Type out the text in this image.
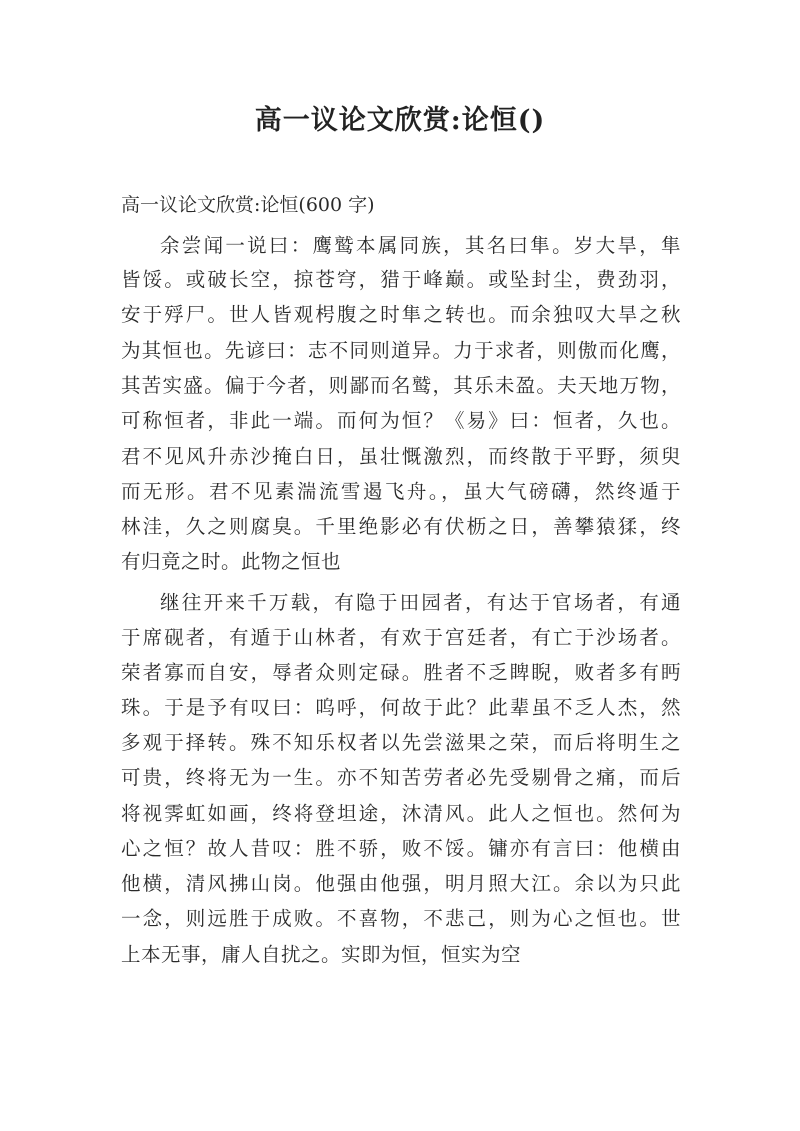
高一议论文欣赏:论恒()

高一议论文欣赏:论恒(600 字)

余尝闻一说曰：鹰鹫本属同族，其名曰隼。岁大旱，隼

皆馁。或破长空，掠苍穹，猎于峰巅。或坠封尘，费劲羽，

安于殍尸。世人皆观枵腹之时隼之转也。而余独叹大旱之秋

为其恒也。先谚曰：志不同则道异。力于求者，则傲而化鹰，

其苦实盛。偏于今者，则鄙而名鹫，其乐未盈。夫天地万物，

可称恒者，非此一端。而何为恒？《易》曰：恒者，久也。

君不见风升赤沙掩白日，虽壮慨激烈，而终散于平野，须臾

而无形。君不见素湍流雪遏飞舟。，虽大气磅礴，然终遁于

林洼，久之则腐臭。千里绝影必有伏枥之日，善攀猿猱，终

有归竟之时。此物之恒也

继往开来千万载，有隐于田园者，有达于官场者，有通

于席砚者，有遁于山林者，有欢于宫廷者，有亡于沙场者。

荣者寡而自安，辱者众则定碌。胜者不乏睥睨，败者多有眄

珠。于是予有叹曰：呜呼，何故于此？此辈虽不乏人杰，然

多观于择转。殊不知乐权者以先尝滋果之荣，而后将明生之

可贵，终将无为一生。亦不知苦劳者必先受剔骨之痛，而后

将视霁虹如画，终将登坦途，沐清风。此人之恒也。然何为

心之恒？故人昔叹：胜不骄，败不馁。镛亦有言曰：他横由

他横，清风拂山岗。他强由他强，明月照大江。余以为只此

一念，则远胜于成败。不喜物，不悲己，则为心之恒也。世

上本无事，庸人自扰之。实即为恒，恒实为空
